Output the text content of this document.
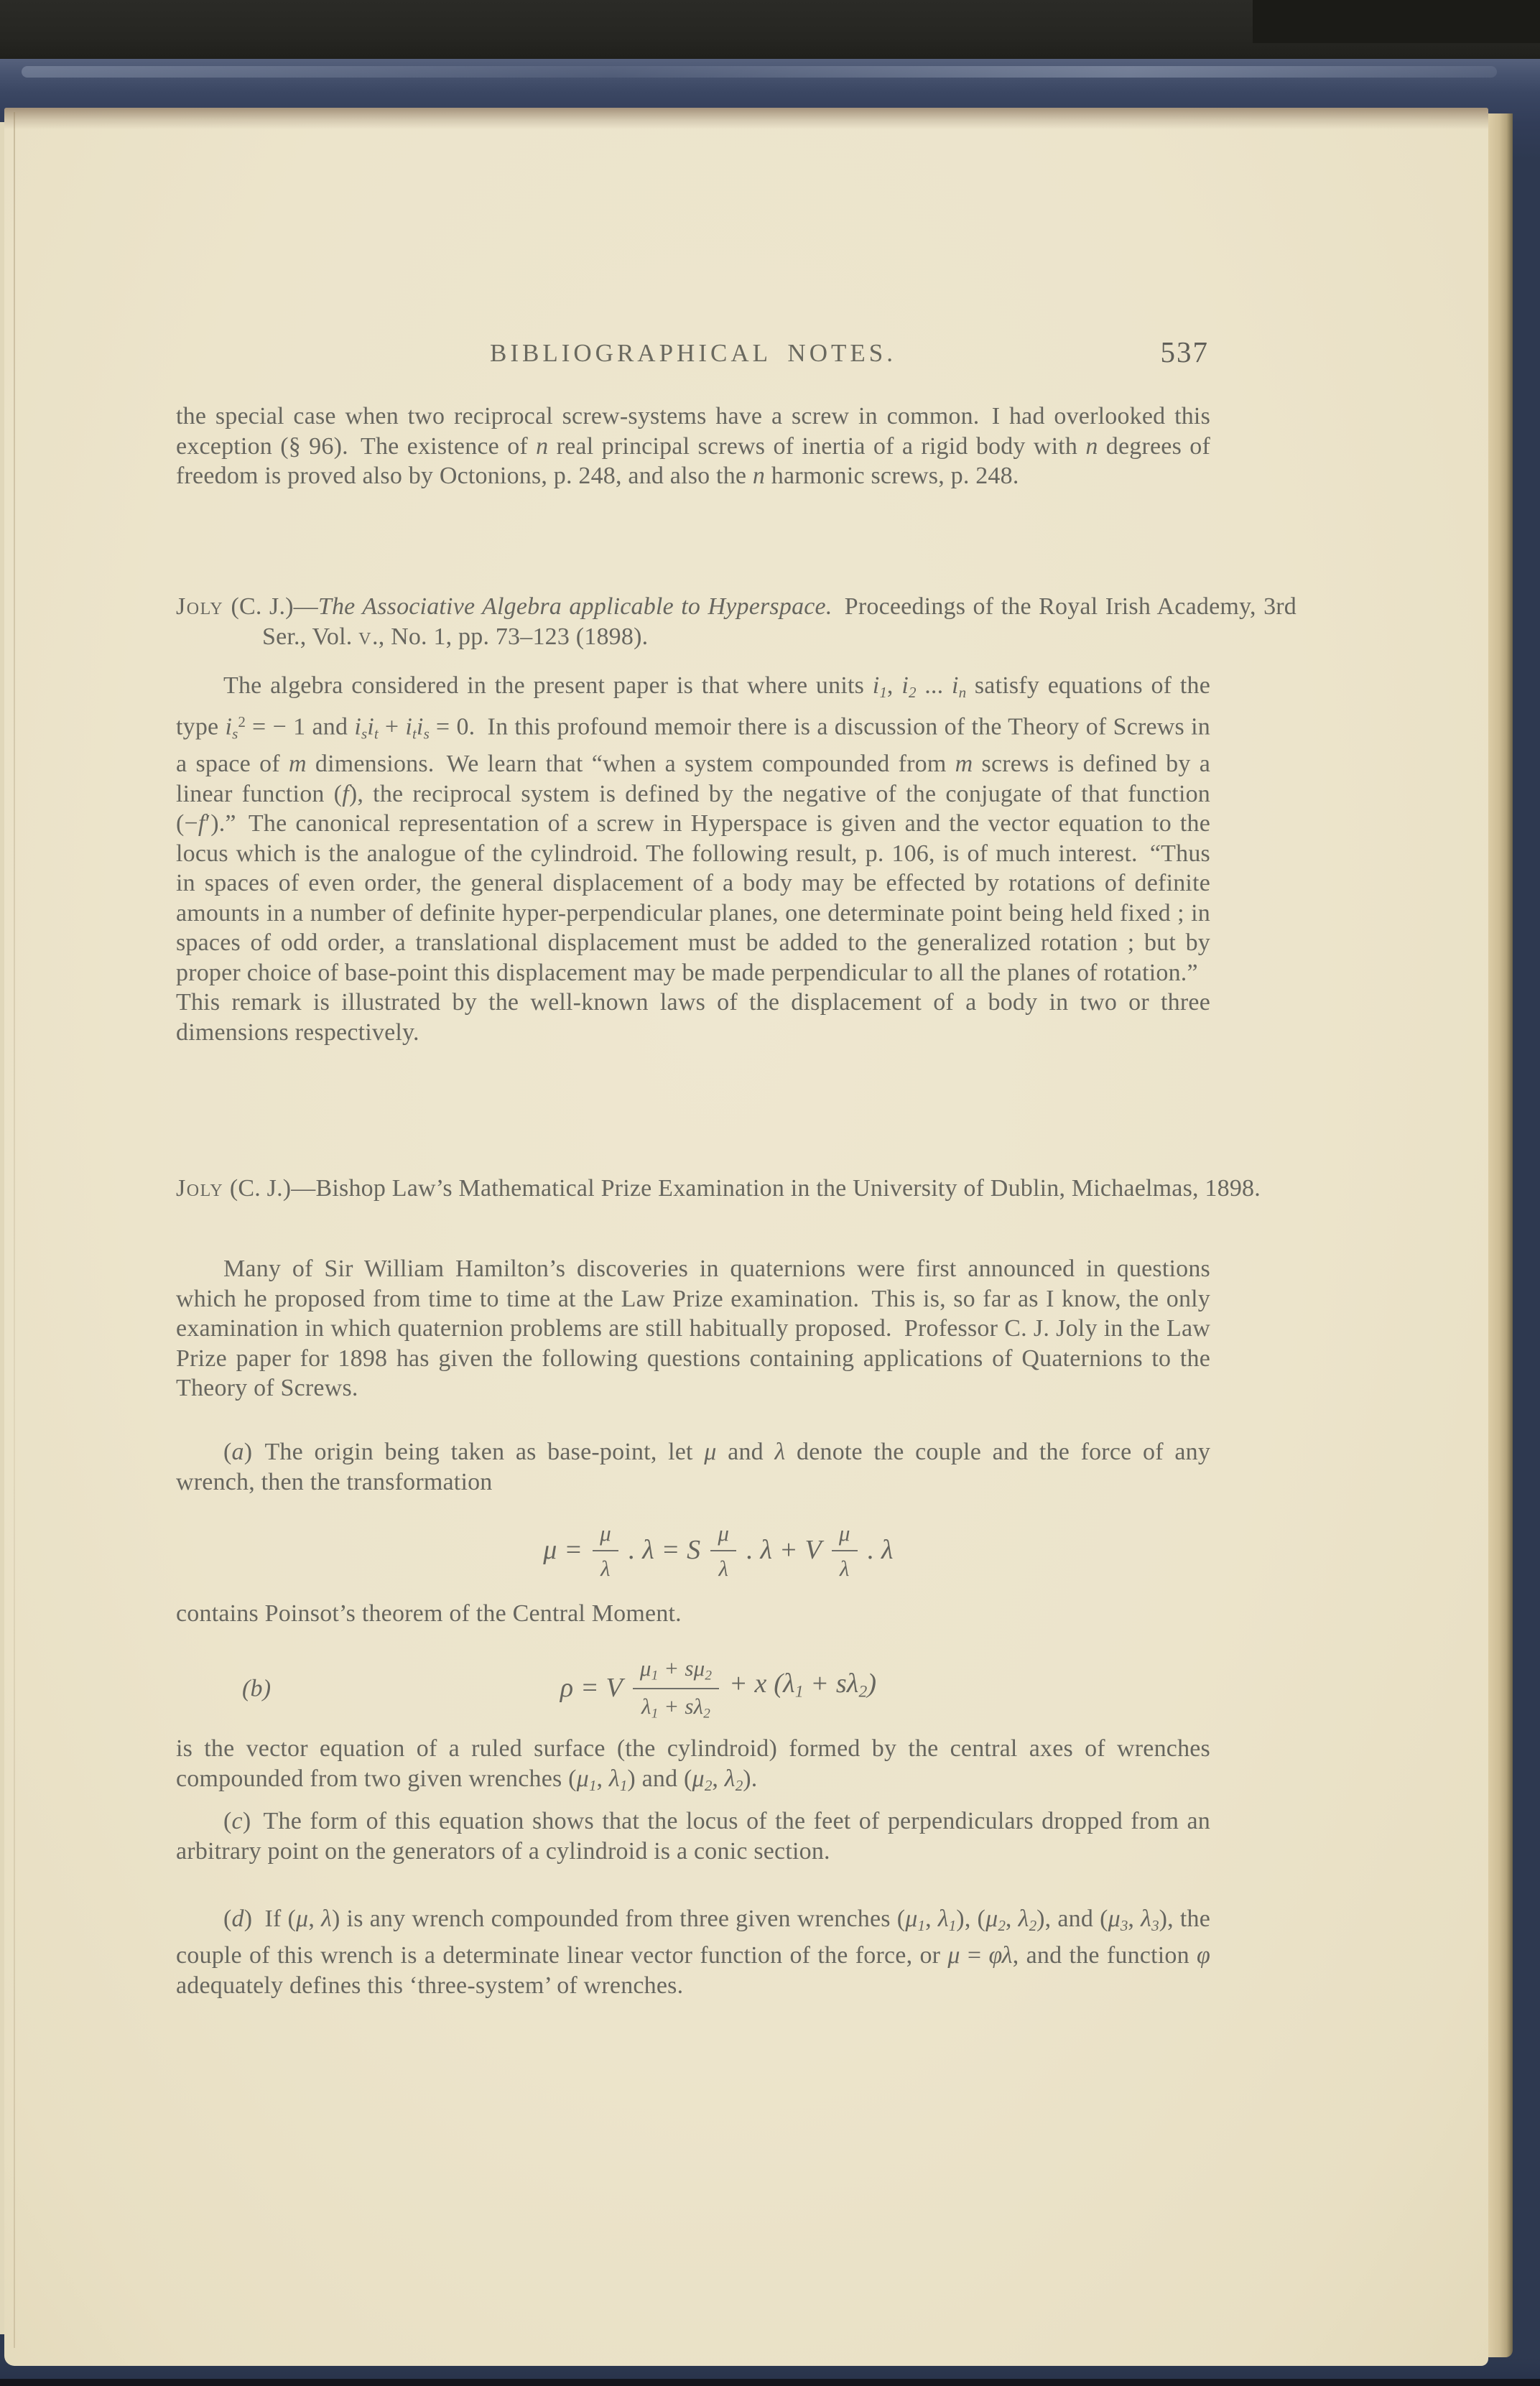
BIBLIOGRAPHICAL NOTES.	537
the special case when two reciprocal screw-systems have a screw in common. I had overlooked this exception (§ 96). The existence of n real principal screws of inertia of a rigid body with n degrees of freedom is proved also by Octonions, p. 248, and also the n harmonic screws, p. 248.
Joly (C. J.)—The Associative Algebra applicable to Hyperspace. Proceedings of the Royal Irish Academy, 3rd Ser., Vol. v., No. 1, pp. 73–123 (1898).
The algebra considered in the present paper is that where units i1, i2 ... in satisfy equations of the type $is^2$ = − 1 and isit + itis = 0. In this profound memoir there is a discussion of the Theory of Screws in a space of m dimensions. We learn that “when a system compounded from m screws is defined by a linear function (f), the reciprocal system is defined by the negative of the conjugate of that function (−f′).” The canonical representation of a screw in Hyperspace is given and the vector equation to the locus which is the analogue of the cylindroid. The following result, p. 106, is of much interest. “Thus in spaces of even order, the general displacement of a body may be effected by rotations of definite amounts in a number of definite hyper-perpendicular planes, one determinate point being held fixed ; in spaces of odd order, a translational displacement must be added to the generalized rotation ; but by proper choice of base-point this displacement may be made perpendicular to all the planes of rotation.” This remark is illustrated by the well-known laws of the displacement of a body in two or three dimensions respectively.
Joly (C. J.)—Bishop Law’s Mathematical Prize Examination in the University of Dublin, Michaelmas, 1898.
Many of Sir William Hamilton’s discoveries in quaternions were first announced in questions which he proposed from time to time at the Law Prize examination. This is, so far as I know, the only examination in which quaternion problems are still habitually proposed. Professor C. J. Joly in the Law Prize paper for 1898 has given the following questions containing applications of Quaternions to the Theory of Screws.
(a) The origin being taken as base-point, let μ and λ denote the couple and the force of any wrench, then the transformation
$\mu = \frac{\mu}{\lambda}$ . λ = S $\frac{\mu}{\lambda}$ . λ + V $\frac{\mu}{\lambda}$ . λ
contains Poinsot’s theorem of the Central Moment.
(b)	ρ = V $\frac{\mu 1 + s\mu 2}{\lambda 1 + s\lambda 2} + x$ (λ1 + sλ2)
is the vector equation of a ruled surface (the cylindroid) formed by the central axes of wrenches compounded from two given wrenches (μ1, λ1) and (μ2, λ2).
(c) The form of this equation shows that the locus of the feet of perpendiculars dropped from an arbitrary point on the generators of a cylindroid is a conic section.
(d) If (μ, λ) is any wrench compounded from three given wrenches (μ1, λ1), (μ2, λ2), and (μ3, λ3), the couple of this wrench is a determinate linear vector function of the force, or μ = φλ, and the function φ adequately defines this ‘three-system’ of wrenches.
